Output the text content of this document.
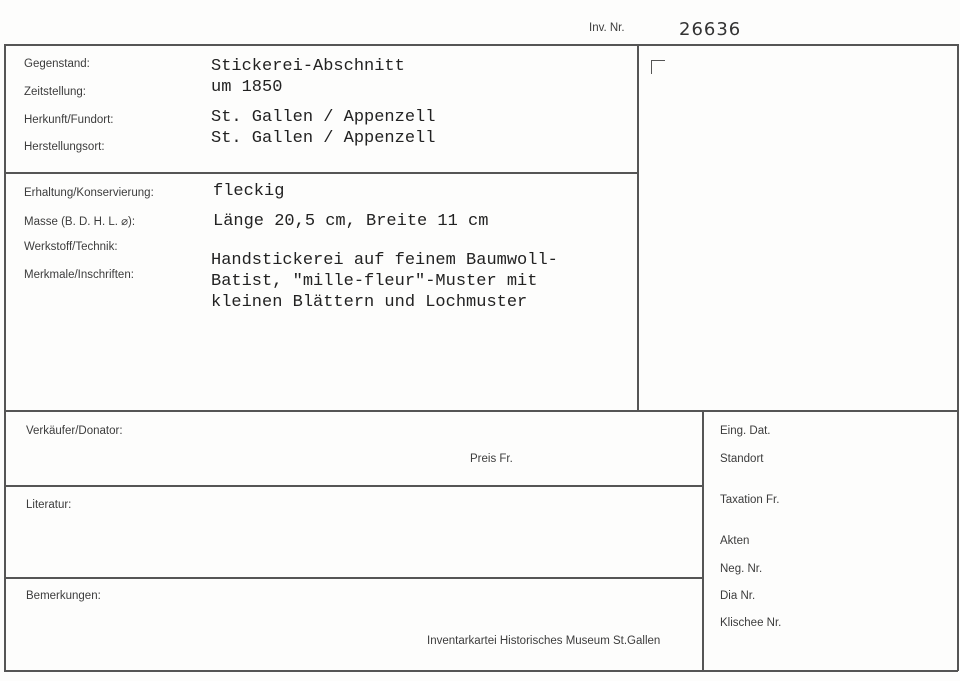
Inv. Nr.	26636
Gegenstand:
Zeitstellung:
Herkunft/Fundort:
Herstellungsort:
Stickerei-Abschnitt
um 1850
St. Gallen / Appenzell
St. Gallen / Appenzell
Erhaltung/Konservierung:
Masse (B. D. H. L. ⌀):
Werkstoff/Technik:
Merkmale/Inschriften:
fleckig
Länge 20,5 cm, Breite 11 cm
Handstickerei auf feinem Baumwoll-
Batist, "mille-fleur"-Muster mit
kleinen Blättern und Lochmuster
Verkäufer/Donator:
Preis Fr.
Literatur:
Bemerkungen:
Inventarkartei Historisches Museum St.Gallen
Eing. Dat.
Standort
Taxation Fr.
Akten
Neg. Nr.
Dia Nr.
Klischee Nr.
